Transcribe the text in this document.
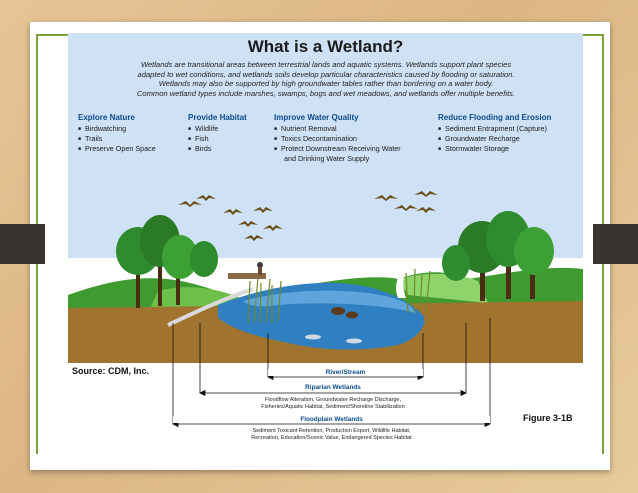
What is a Wetland?
Wetlands are transitional areas between terrestrial lands and aquatic systems. Wetlands support plant species
adapted to wet conditions, and wetlands soils develop particular characteristics caused by flooding or saturation.
Wetlands may also be supported by high groundwater tables rather than bordering on a water body.
Common wetland types include marshes, swamps, bogs and wet meadows, and wetlands offer multiple benefits.
Explore Nature
■ Birdwatching
■ Trails
■ Preserve Open Space
Provide Habitat
■ Wildlife
■ Fish
■ Birds
Improve Water Quality
■ Nutrient Removal
■ Toxics Decontamination
■ Protect Downstream Receiving Water
and Drinking Water Supply
Reduce Flooding and Erosion
■ Sediment Entrapment (Capture)
■ Groundwater Recharge
■ Stormwater Storage
Source: CDM, Inc.
Figure 3-1B
River/Stream
Riparian Wetlands
Floodflow Alteration, Groundwater Recharge Discharge,
Fisheries/Aquatic Habitat, Sediment/Shoreline Stabilization
Floodplain Wetlands
Sediment Toxicant Retention, Production Export, Wildlife Habitat,
Recreation, Education/Scenic Value, Endangered Species Habitat
